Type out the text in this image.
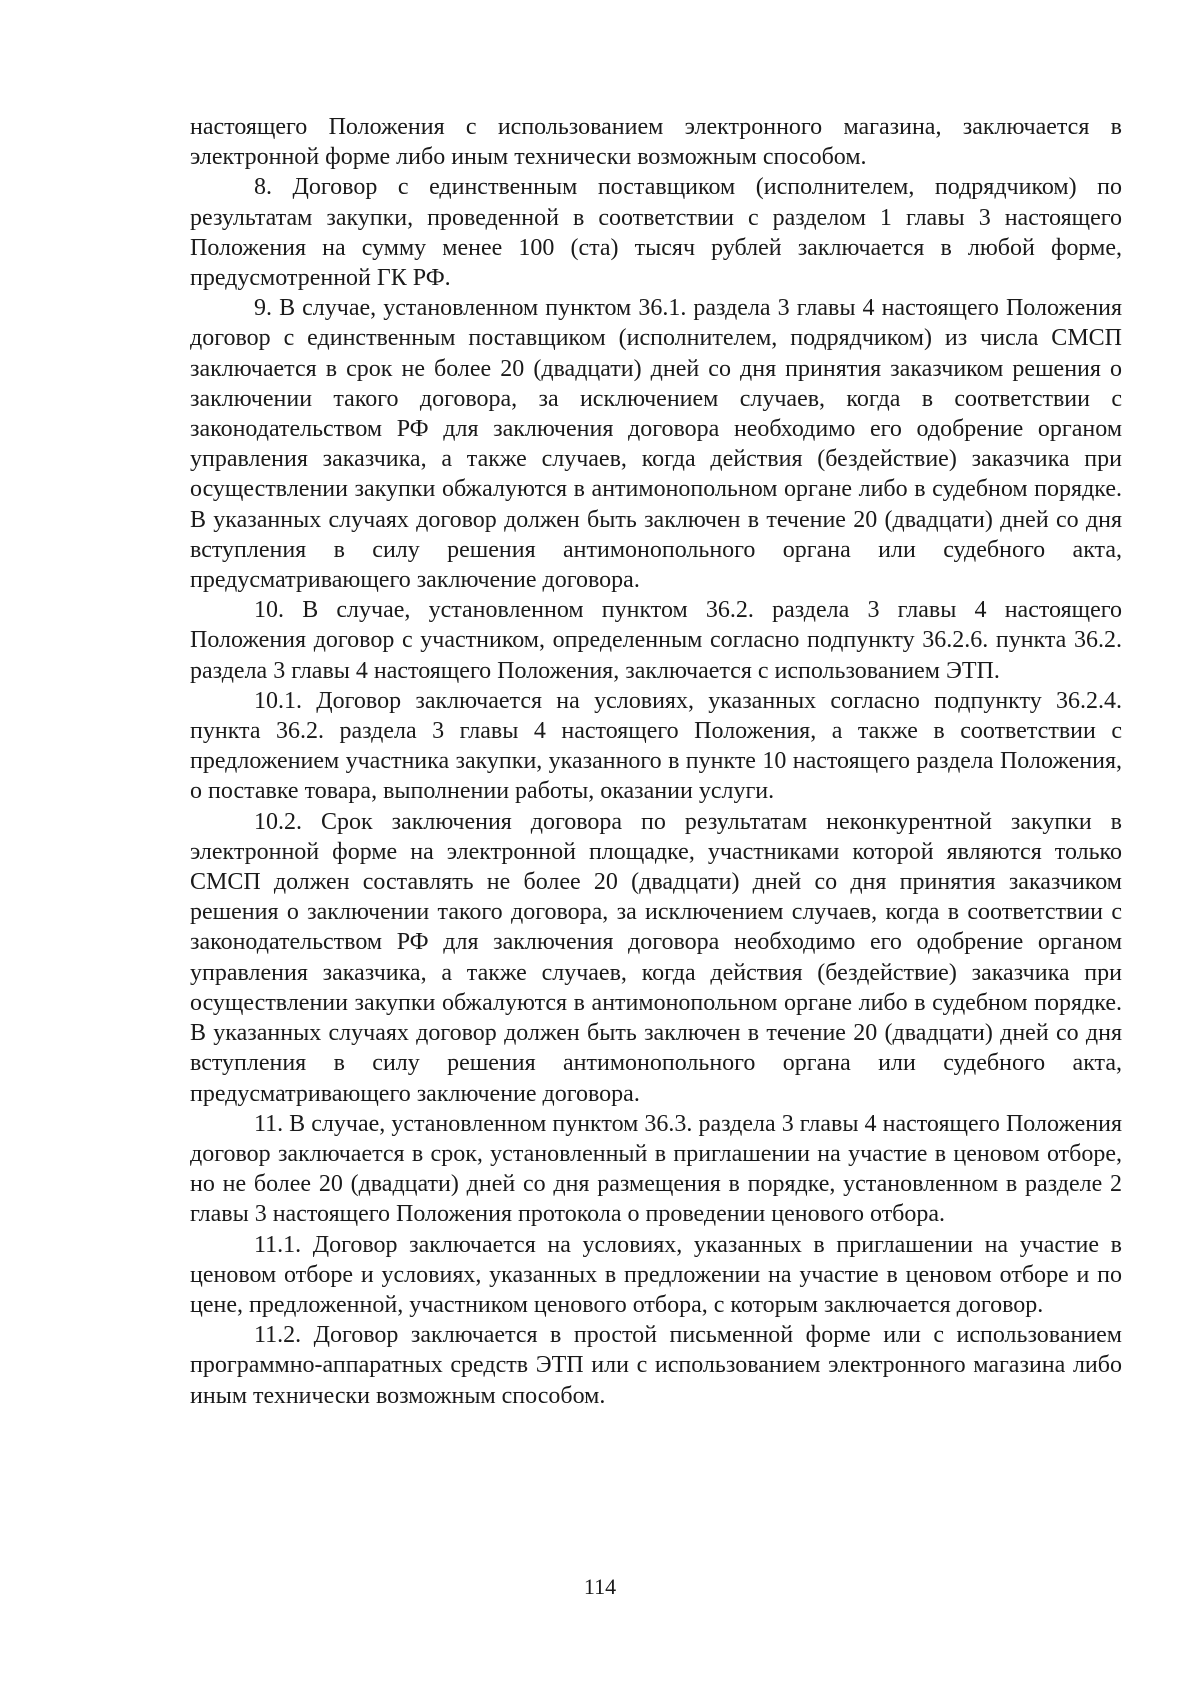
настоящего Положения с использованием электронного магазина, заключается в электронной форме либо иным технически возможным способом.

8. Договор с единственным поставщиком (исполнителем, подрядчиком) по результатам закупки, проведенной в соответствии с разделом 1 главы 3 настоящего Положения на сумму менее 100 (ста) тысяч рублей заключается в любой форме, предусмотренной ГК РФ.

9. В случае, установленном пунктом 36.1. раздела 3 главы 4 настоящего Положения договор с единственным поставщиком (исполнителем, подрядчиком) из числа СМСП заключается в срок не более 20 (двадцати) дней со дня принятия заказчиком решения о заключении такого договора, за исключением случаев, когда в соответствии с законодательством РФ для заключения договора необходимо его одобрение органом управления заказчика, а также случаев, когда действия (бездействие) заказчика при осуществлении закупки обжалуются в антимонопольном органе либо в судебном порядке. В указанных случаях договор должен быть заключен в течение 20 (двадцати) дней со дня вступления в силу решения антимонопольного органа или судебного акта, предусматривающего заключение договора.

10. В случае, установленном пунктом 36.2. раздела 3 главы 4 настоящего Положения договор с участником, определенным согласно подпункту 36.2.6. пункта 36.2. раздела 3 главы 4 настоящего Положения, заключается с использованием ЭТП.

10.1. Договор заключается на условиях, указанных согласно подпункту 36.2.4. пункта 36.2. раздела 3 главы 4 настоящего Положения, а также в соответствии с предложением участника закупки, указанного в пункте 10 настоящего раздела Положения, о поставке товара, выполнении работы, оказании услуги.

10.2. Срок заключения договора по результатам неконкурентной закупки в электронной форме на электронной площадке, участниками которой являются только СМСП должен составлять не более 20 (двадцати) дней со дня принятия заказчиком решения о заключении такого договора, за исключением случаев, когда в соответствии с законодательством РФ для заключения договора необходимо его одобрение органом управления заказчика, а также случаев, когда действия (бездействие) заказчика при осуществлении закупки обжалуются в антимонопольном органе либо в судебном порядке. В указанных случаях договор должен быть заключен в течение 20 (двадцати) дней со дня вступления в силу решения антимонопольного органа или судебного акта, предусматривающего заключение договора.

11. В случае, установленном пунктом 36.3. раздела 3 главы 4 настоящего Положения договор заключается в срок, установленный в приглашении на участие в ценовом отборе, но не более 20 (двадцати) дней со дня размещения в порядке, установленном в разделе 2 главы 3 настоящего Положения протокола о проведении ценового отбора.

11.1. Договор заключается на условиях, указанных в приглашении на участие в ценовом отборе и условиях, указанных в предложении на участие в ценовом отборе и по цене, предложенной, участником ценового отбора, с которым заключается договор.

11.2. Договор заключается в простой письменной форме или с использованием программно-аппаратных средств ЭТП или с использованием электронного магазина либо иным технически возможным способом.

114
